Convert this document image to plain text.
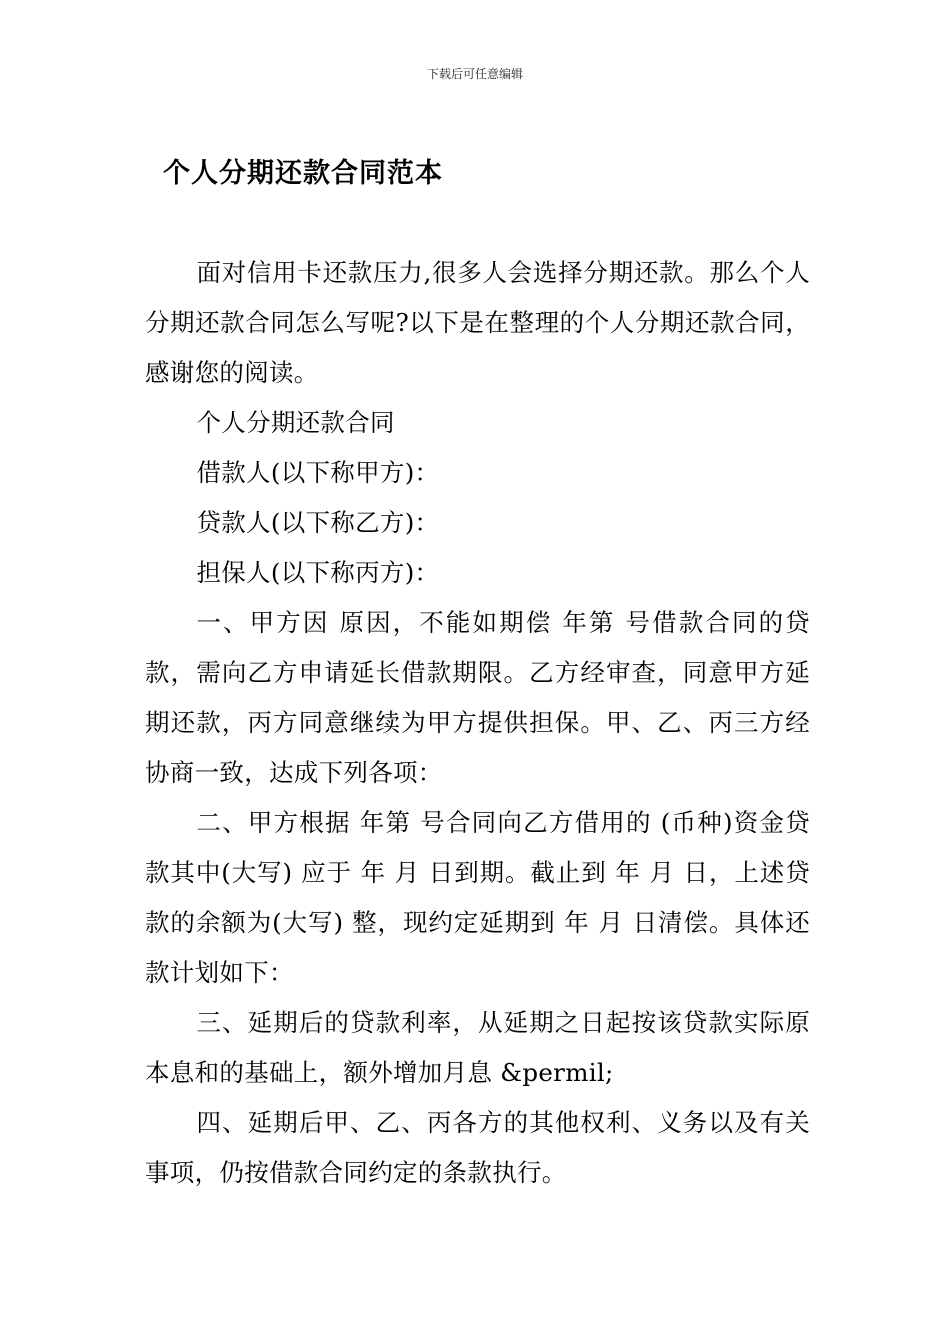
下载后可任意编辑
个人分期还款合同范本

面对信用卡还款压力,很多人会选择分期还款。那么个人分期还款合同怎么写呢?以下是在整理的个人分期还款合同，感谢您的阅读。

个人分期还款合同

借款人(以下称甲方)：

贷款人(以下称乙方)：

担保人(以下称丙方)：

一、甲方因 原因，不能如期偿 年第 号借款合同的贷款，需向乙方申请延长借款期限。乙方经审查，同意甲方延期还款，丙方同意继续为甲方提供担保。甲、乙、丙三方经协商一致，达成下列各项：

二、甲方根据 年第 号合同向乙方借用的 (币种)资金贷款其中(大写) 应于 年 月 日到期。截止到 年 月 日，上述贷款的余额为(大写) 整，现约定延期到 年 月 日清偿。具体还款计划如下：

三、延期后的贷款利率，从延期之日起按该贷款实际原本息和的基础上，额外增加月息 &permil;

四、延期后甲、乙、丙各方的其他权利、义务以及有关事项，仍按借款合同约定的条款执行。
